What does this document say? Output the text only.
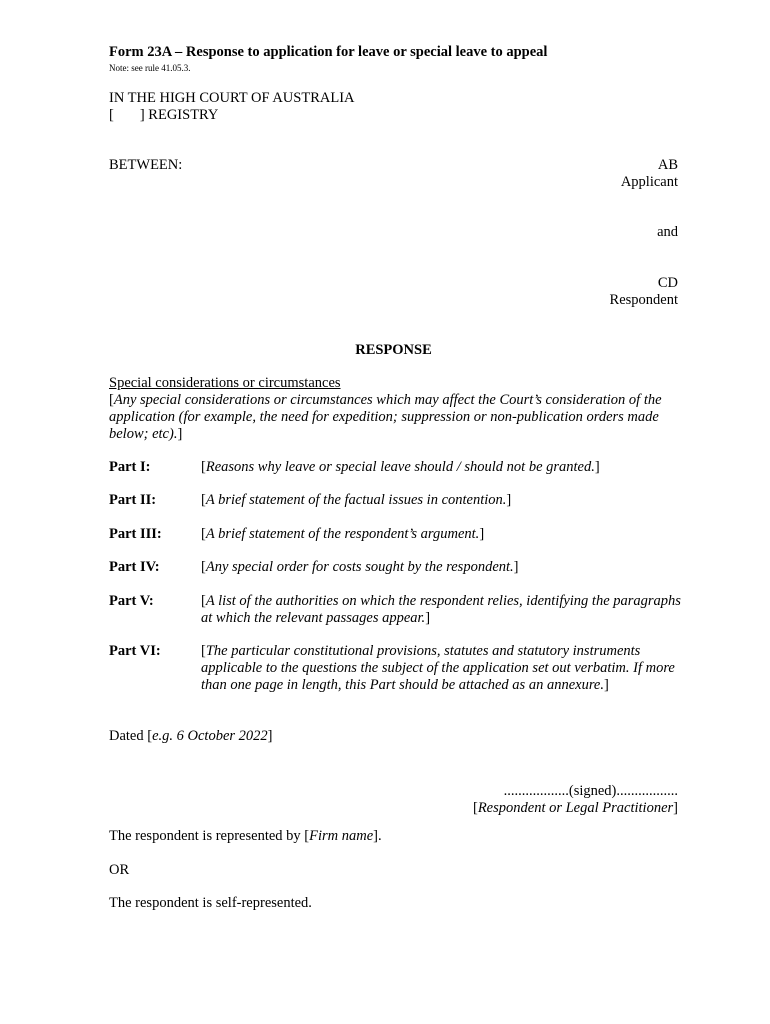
Form 23A – Response to application for leave or special leave to appeal
Note: see rule 41.05.3.
IN THE HIGH COURT OF AUSTRALIA
[ ] REGISTRY
BETWEEN:	AB
Applicant
and
CD
Respondent
RESPONSE
Special considerations or circumstances
[Any special considerations or circumstances which may affect the Court’s consideration of the application (for example, the need for expedition; suppression or non-publication orders made below; etc).]
Part I:	[Reasons why leave or special leave should / should not be granted.]
Part II:	[A brief statement of the factual issues in contention.]
Part III:	[A brief statement of the respondent’s argument.]
Part IV:	[Any special order for costs sought by the respondent.]
Part V:	[A list of the authorities on which the respondent relies, identifying the paragraphs at which the relevant passages appear.]
Part VI:	[The particular constitutional provisions, statutes and statutory instruments applicable to the questions the subject of the application set out verbatim. If more than one page in length, this Part should be attached as an annexure.]
Dated [e.g. 6 October 2022]
..................(signed).................
[Respondent or Legal Practitioner]
The respondent is represented by [Firm name].
OR
The respondent is self-represented.
